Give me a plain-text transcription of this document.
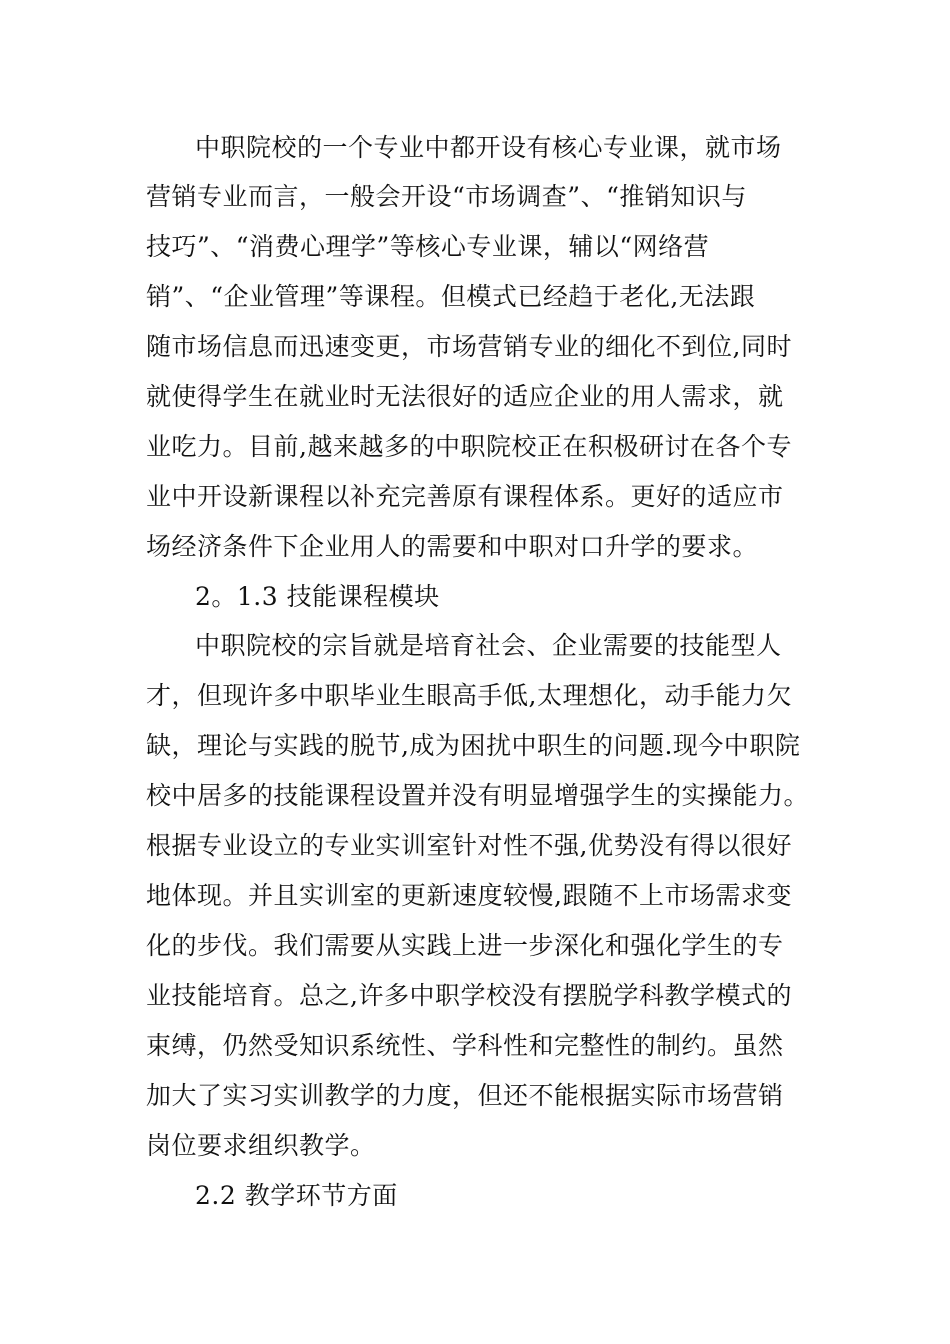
中职院校的一个专业中都开设有核心专业课，就市场
营销专业而言，一般会开设“市场调查”、“推销知识与
技巧”、“消费心理学”等核心专业课，辅以“网络营
销”、“企业管理”等课程。但模式已经趋于老化,无法跟
随市场信息而迅速变更，市场营销专业的细化不到位,同时
就使得学生在就业时无法很好的适应企业的用人需求，就
业吃力。目前,越来越多的中职院校正在积极研讨在各个专
业中开设新课程以补充完善原有课程体系。更好的适应市
场经济条件下企业用人的需要和中职对口升学的要求。
2。1.3 技能课程模块
中职院校的宗旨就是培育社会、企业需要的技能型人
才，但现许多中职毕业生眼高手低,太理想化，动手能力欠
缺，理论与实践的脱节,成为困扰中职生的问题.现今中职院
校中居多的技能课程设置并没有明显增强学生的实操能力。
根据专业设立的专业实训室针对性不强,优势没有得以很好
地体现。并且实训室的更新速度较慢,跟随不上市场需求变
化的步伐。我们需要从实践上进一步深化和强化学生的专
业技能培育。总之,许多中职学校没有摆脱学科教学模式的
束缚，仍然受知识系统性、学科性和完整性的制约。虽然
加大了实习实训教学的力度，但还不能根据实际市场营销
岗位要求组织教学。
2.2 教学环节方面
